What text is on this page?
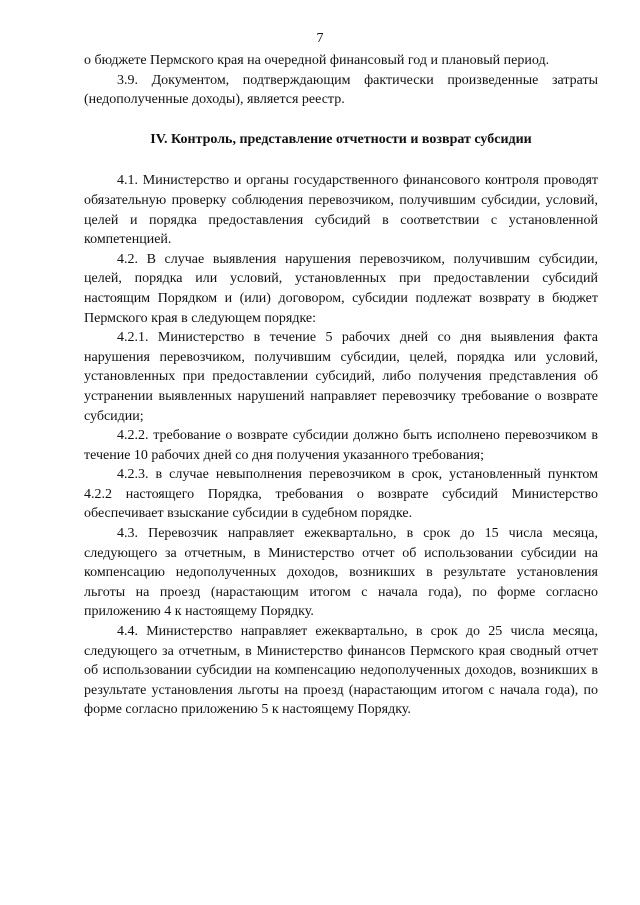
7

о бюджете Пермского края на очередной финансовый год и плановый период.

3.9. Документом, подтверждающим фактически произведенные затраты (недополученные доходы), является реестр.

IV. Контроль, представление отчетности и возврат субсидии

4.1. Министерство и органы государственного финансового контроля проводят обязательную проверку соблюдения перевозчиком, получившим субсидии, условий, целей и порядка предоставления субсидий в соответствии с установленной компетенцией.

4.2. В случае выявления нарушения перевозчиком, получившим субсидии, целей, порядка или условий, установленных при предоставлении субсидий настоящим Порядком и (или) договором, субсидии подлежат возврату в бюджет Пермского края в следующем порядке:

4.2.1. Министерство в течение 5 рабочих дней со дня выявления факта нарушения перевозчиком, получившим субсидии, целей, порядка или условий, установленных при предоставлении субсидий, либо получения представления об устранении выявленных нарушений направляет перевозчику требование о возврате субсидии;

4.2.2. требование о возврате субсидии должно быть исполнено перевозчиком в течение 10 рабочих дней со дня получения указанного требования;

4.2.3. в случае невыполнения перевозчиком в срок, установленный пунктом 4.2.2 настоящего Порядка, требования о возврате субсидий Министерство обеспечивает взыскание субсидии в судебном порядке.

4.3. Перевозчик направляет ежеквартально, в срок до 15 числа месяца, следующего за отчетным, в Министерство отчет об использовании субсидии на компенсацию недополученных доходов, возникших в результате установления льготы на проезд (нарастающим итогом с начала года), по форме согласно приложению 4 к настоящему Порядку.

4.4. Министерство направляет ежеквартально, в срок до 25 числа месяца, следующего за отчетным, в Министерство финансов Пермского края сводный отчет об использовании субсидии на компенсацию недополученных доходов, возникших в результате установления льготы на проезд (нарастающим итогом с начала года), по форме согласно приложению 5 к настоящему Порядку.
